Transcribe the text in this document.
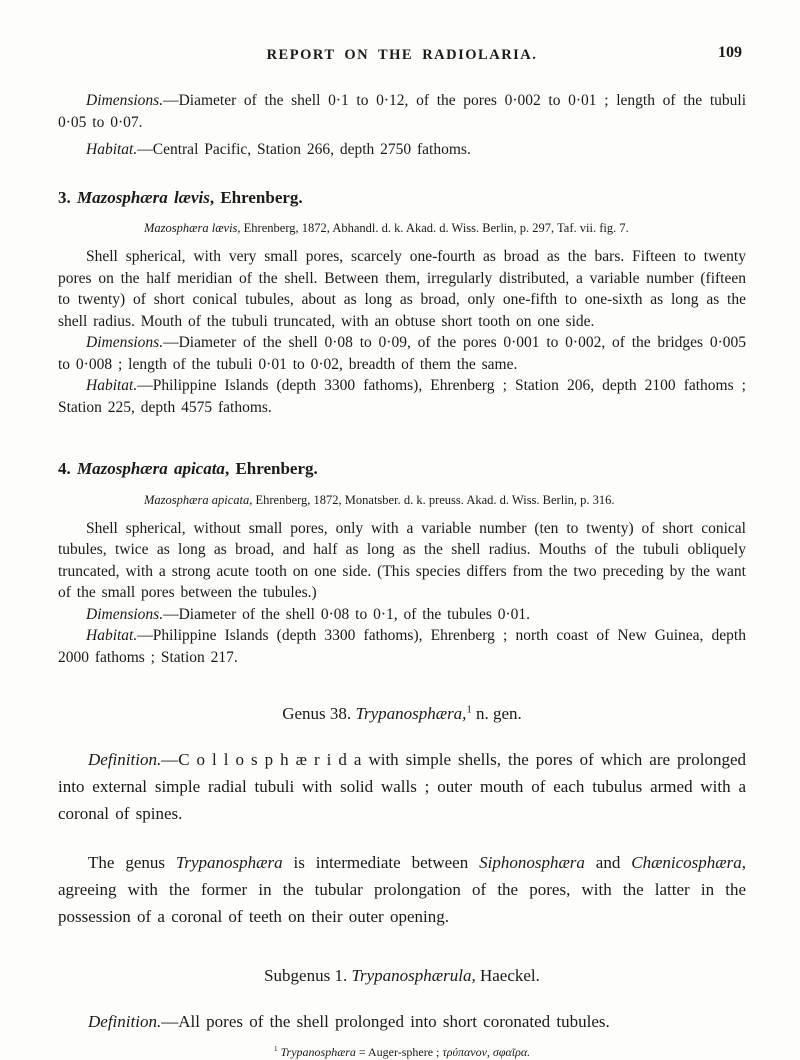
REPORT ON THE RADIOLARIA.	109

Dimensions.—Diameter of the shell 0·1 to 0·12, of the pores 0·002 to 0·01 ; length of the tubuli 0·05 to 0·07.

Habitat.—Central Pacific, Station 266, depth 2750 fathoms.

3. Mazosphæra lævis, Ehrenberg.

Mazosphæra lævis, Ehrenberg, 1872, Abhandl. d. k. Akad. d. Wiss. Berlin, p. 297, Taf. vii. fig. 7.

Shell spherical, with very small pores, scarcely one-fourth as broad as the bars. Fifteen to twenty pores on the half meridian of the shell. Between them, irregularly distributed, a variable number (fifteen to twenty) of short conical tubules, about as long as broad, only one-fifth to one-sixth as long as the shell radius. Mouth of the tubuli truncated, with an obtuse short tooth on one side.

Dimensions.—Diameter of the shell 0·08 to 0·09, of the pores 0·001 to 0·002, of the bridges 0·005 to 0·008 ; length of the tubuli 0·01 to 0·02, breadth of them the same.

Habitat.—Philippine Islands (depth 3300 fathoms), Ehrenberg ; Station 206, depth 2100 fathoms ; Station 225, depth 4575 fathoms.

4. Mazosphæra apicata, Ehrenberg.

Mazosphæra apicata, Ehrenberg, 1872, Monatsber. d. k. preuss. Akad. d. Wiss. Berlin, p. 316.

Shell spherical, without small pores, only with a variable number (ten to twenty) of short conical tubules, twice as long as broad, and half as long as the shell radius. Mouths of the tubuli obliquely truncated, with a strong acute tooth on one side. (This species differs from the two preceding by the want of the small pores between the tubules.)

Dimensions.—Diameter of the shell 0·08 to 0·1, of the tubules 0·01.

Habitat.—Philippine Islands (depth 3300 fathoms), Ehrenberg ; north coast of New Guinea, depth 2000 fathoms ; Station 217.

Genus 38. Trypanosphæra,$^1$ n. gen.

Definition.—C o l l o s p h æ r i d a with simple shells, the pores of which are prolonged into external simple radial tubuli with solid walls ; outer mouth of each tubulus armed with a coronal of spines.

The genus Trypanosphæra is intermediate between Siphonosphæra and Chænicosphæra, agreeing with the former in the tubular prolongation of the pores, with the latter in the possession of a coronal of teeth on their outer opening.

Subgenus 1. Trypanosphærula, Haeckel.

Definition.—All pores of the shell prolonged into short coronated tubules.

$^1$ Trypanosphæra = Auger-sphere ; τρύπανον, σφαῖρα.
